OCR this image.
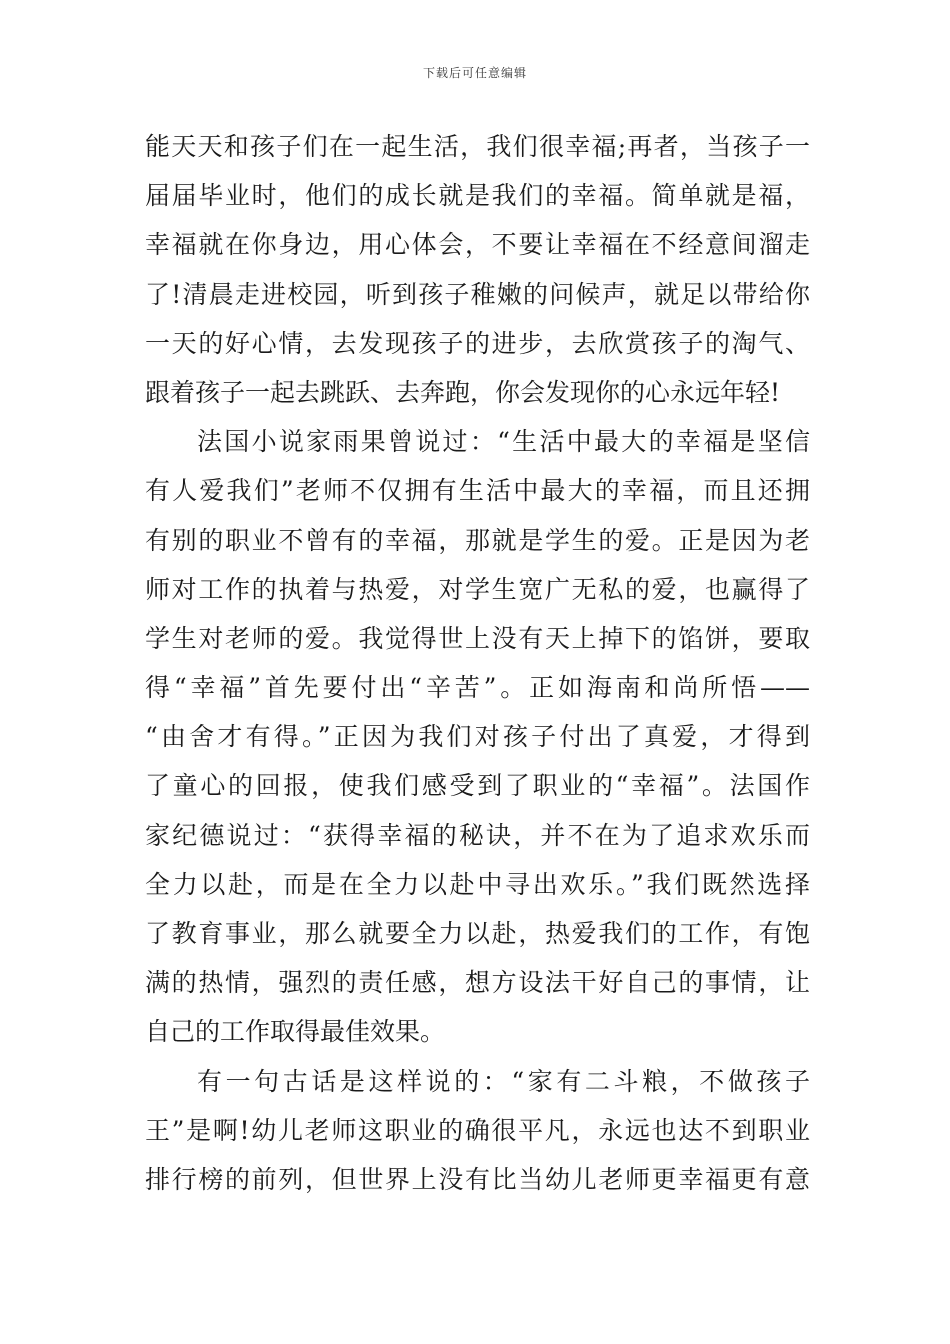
下载后可任意编辑
能天天和孩子们在一起生活，我们很幸福;再者，当孩子一
届届毕业时，他们的成长就是我们的幸福。简单就是福，
幸福就在你身边，用心体会，不要让幸福在不经意间溜走
了!清晨走进校园，听到孩子稚嫩的问候声，就足以带给你
一天的好心情，去发现孩子的进步，去欣赏孩子的淘气、
跟着孩子一起去跳跃、去奔跑，你会发现你的心永远年轻!
法国小说家雨果曾说过：“生活中最大的幸福是坚信
有人爱我们”老师不仅拥有生活中最大的幸福，而且还拥
有别的职业不曾有的幸福，那就是学生的爱。正是因为老
师对工作的执着与热爱，对学生宽广无私的爱，也赢得了
学生对老师的爱。我觉得世上没有天上掉下的馅饼，要取
得“幸福”首先要付出“辛苦”。正如海南和尚所悟——
“由舍才有得。”正因为我们对孩子付出了真爱，才得到
了童心的回报，使我们感受到了职业的“幸福”。法国作
家纪德说过：“获得幸福的秘诀，并不在为了追求欢乐而
全力以赴，而是在全力以赴中寻出欢乐。”我们既然选择
了教育事业，那么就要全力以赴，热爱我们的工作，有饱
满的热情，强烈的责任感，想方设法干好自己的事情，让
自己的工作取得最佳效果。
有一句古话是这样说的：“家有二斗粮，不做孩子
王”是啊!幼儿老师这职业的确很平凡，永远也达不到职业
排行榜的前列，但世界上没有比当幼儿老师更幸福更有意
